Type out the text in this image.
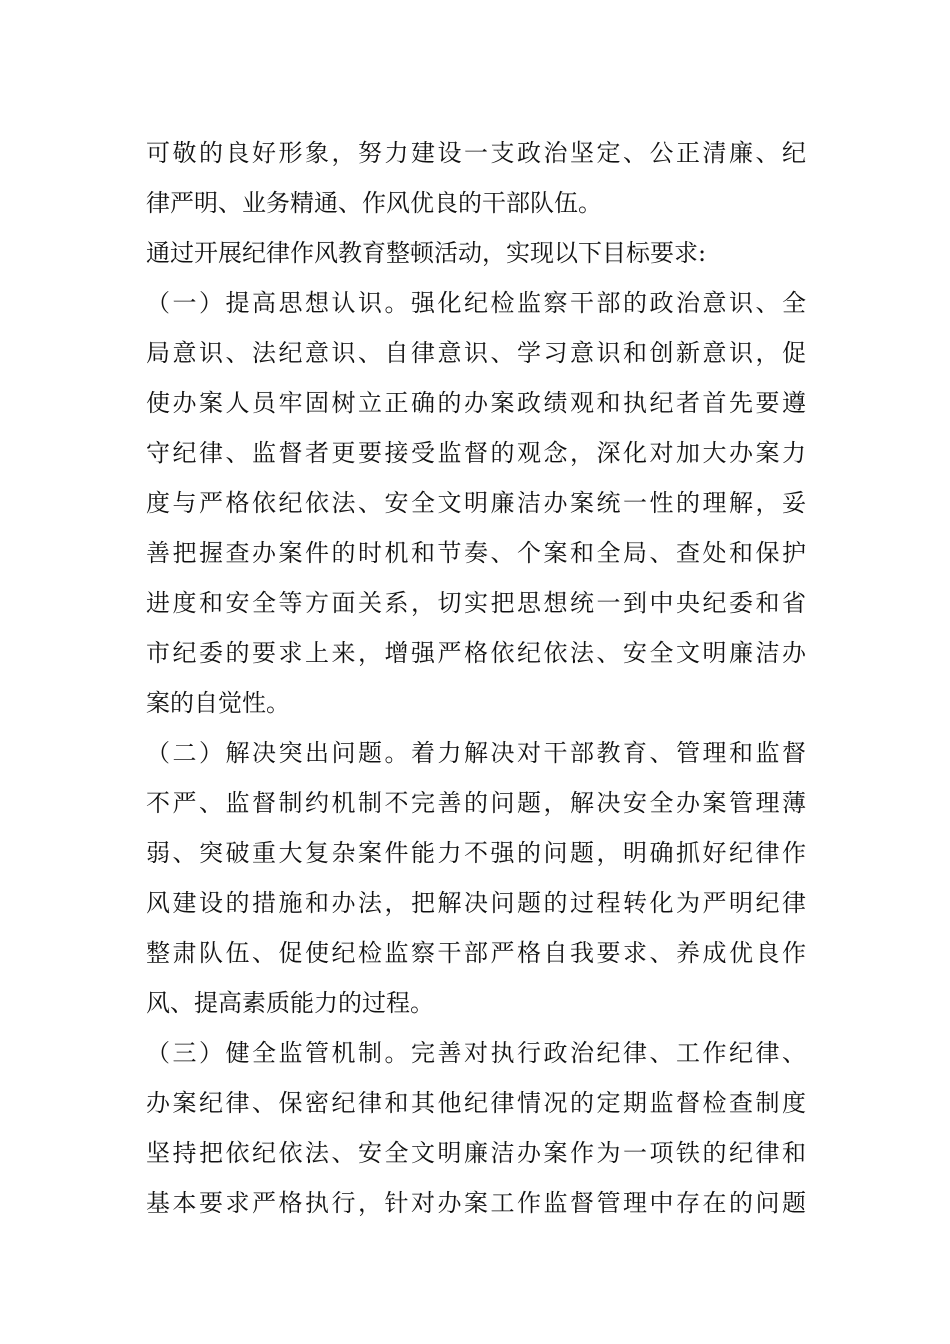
可敬的良好形象，努力建设一支政治坚定、公正清廉、纪
律严明、业务精通、作风优良的干部队伍。
通过开展纪律作风教育整顿活动，实现以下目标要求:
（一）提高思想认识。强化纪检监察干部的政治意识、全
局意识、法纪意识、自律意识、学习意识和创新意识，促
使办案人员牢固树立正确的办案政绩观和执纪者首先要遵
守纪律、监督者更要接受监督的观念，深化对加大办案力
度与严格依纪依法、安全文明廉洁办案统一性的理解，妥
善把握查办案件的时机和节奏、个案和全局、查处和保护
进度和安全等方面关系，切实把思想统一到中央纪委和省
市纪委的要求上来，增强严格依纪依法、安全文明廉洁办
案的自觉性。
（二）解决突出问题。着力解决对干部教育、管理和监督
不严、监督制约机制不完善的问题，解决安全办案管理薄
弱、突破重大复杂案件能力不强的问题，明确抓好纪律作
风建设的措施和办法，把解决问题的过程转化为严明纪律
整肃队伍、促使纪检监察干部严格自我要求、养成优良作
风、提高素质能力的过程。
（三）健全监管机制。完善对执行政治纪律、工作纪律、
办案纪律、保密纪律和其他纪律情况的定期监督检查制度
坚持把依纪依法、安全文明廉洁办案作为一项铁的纪律和
基本要求严格执行，针对办案工作监督管理中存在的问题
